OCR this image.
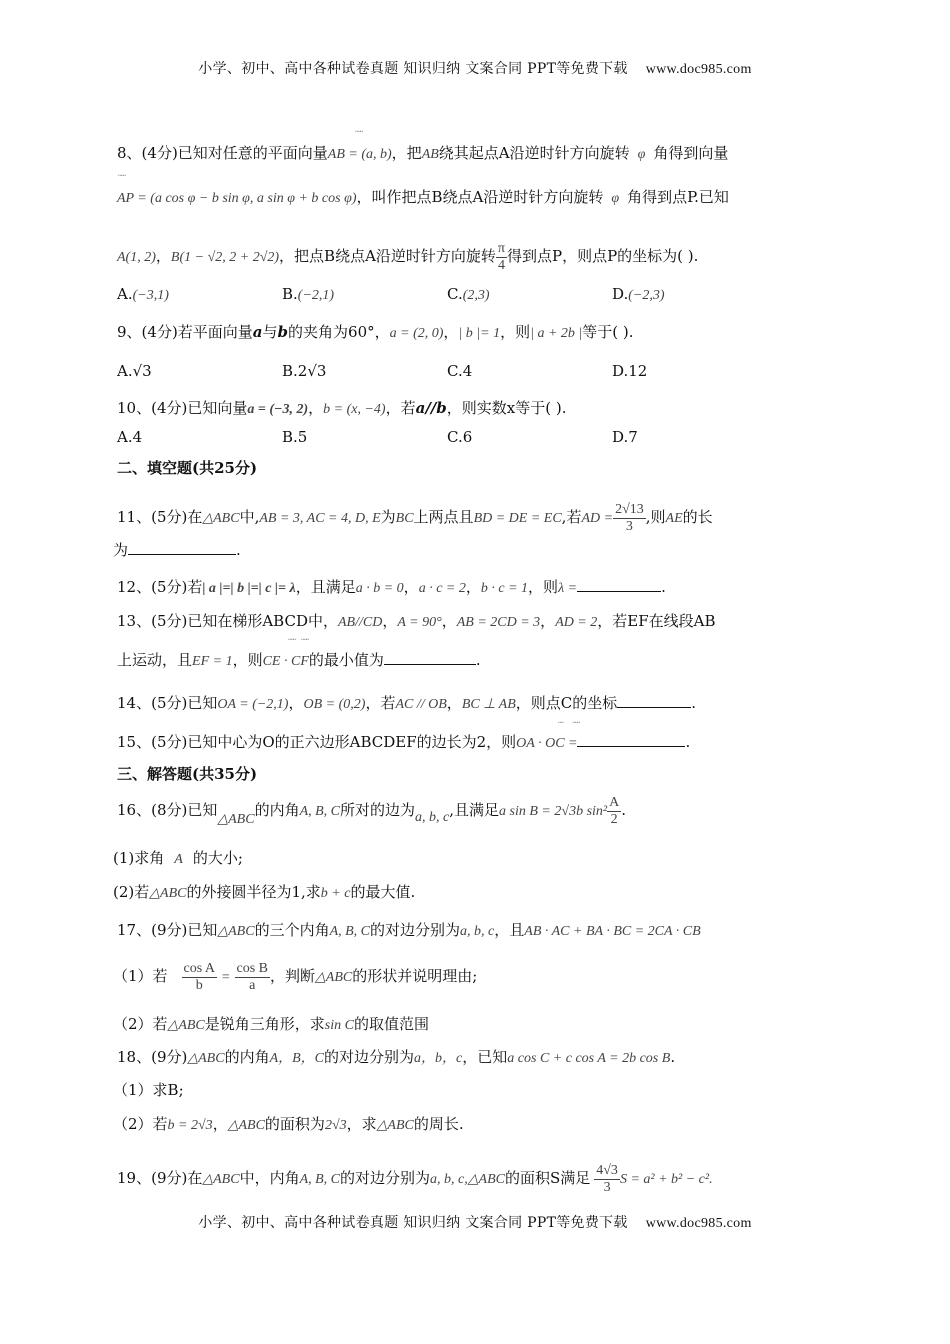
小学、初中、高中各种试卷真题 知识归纳 文案合同 PPT等免费下载 www.doc985.com
ᵕᵕᵕ
8、(4分)已知对任意的平面向量AB = (a, b)，把AB绕其起点A沿逆时针方向旋转 φ 角得到向量
ᵕᵕᵕ
AP = (a cos φ − b sin φ, a sin φ + b cos φ)，叫作把点B绕点A沿逆时针方向旋转 φ 角得到点P.已知
A(1, 2)，B(1 − √2, 2 + 2√2)，把点B绕点A沿逆时针方向旋转 $\frac{\pi}{4}$ 得到点P，则点P的坐标为( ).
A.(−3,1)	B.(−2,1)	C.(2,3)	D.(−2,3)
9、(4分)若平面向量a与b的夹角为60°，a = (2, 0)，| b |= 1，则| a + 2b |等于( ).
A.√3	B.2√3	C.4	D.12
10、(4分)已知向量a = (−3, 2)，b = (x, −4)，若a//b，则实数x等于( ).
A.4	B.5	C.6	D.7
二、填空题(共25分)
11、(5分)在△ABC中,AB = 3, AC = 4, D, E为BC上两点且BD = DE = EC,若AD = $\frac{2√13}{3}$ ,则AE的长
为	.
12、(5分)若| a |=| b |=| c |= λ，且满足a · b = 0，a · c = 2，b · c = 1，则λ =	.
13、(5分)已知在梯形ABCD中，AB//CD，A = 90°，AB = 2CD = 3，AD = 2，若EF在线段AB
ᵕᵕᵕ   ᵕᵕᵕ
上运动，且EF = 1，则CE · CF的最小值为	.
14、(5分)已知OA = (−2,1)，OB = (0,2)，若AC // OB，BC ⊥ AB，则点C的坐标	.
ᵕᵕ     ᵕᵕᵕ
15、(5分)已知中心为O的正六边形ABCDEF的边长为2，则OA · OC =	.
三、解答题(共35分)
16、(8分)已知△ABC的内角A, B, C所对的边为a, b, c,且满足a sin B = 2√3b $\sin^2 \frac{A}{2}$ .
(1)求角 A 的大小;
(2)若△ABC的外接圆半径为1,求b + c的最大值.
17、(9分)已知△ABC的三个内角A, B, C的对边分别为a, b, c，且AB · AC + BA · BC = 2CA · CB
（1）若 $\frac{\text{cos A}}{b} = \frac{\text{cos B}}{a}$ ，判断△ABC的形状并说明理由;
（2）若△ABC是锐角三角形，求sin C的取值范围
18、(9分)△ABC的内角A，B，C的对边分别为a，b，c，已知a cos C + c cos A = 2b cos B.
（1）求B;
（2）若b = 2√3，△ABC的面积为2√3，求△ABC的周长.
19、(9分)在△ABC中，内角A, B, C的对边分别为a, b, c,△ABC的面积S满足 $\frac{4√3}{3}$ S = a² + b² − c².
小学、初中、高中各种试卷真题 知识归纳 文案合同 PPT等免费下载 www.doc985.com
